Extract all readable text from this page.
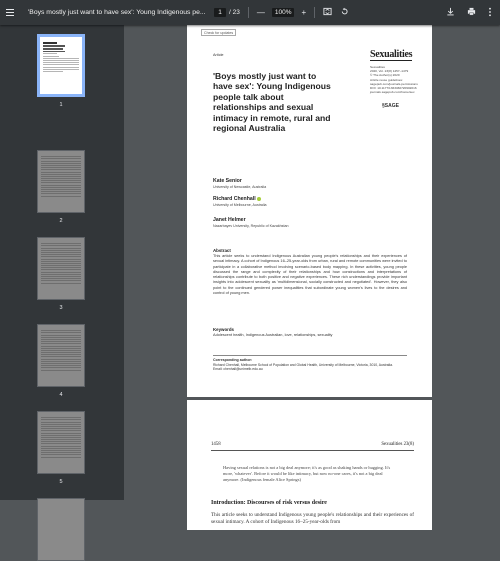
'Boys mostly just want to have sex': Young Indigenous pe...	1	/ 23 —	100%	+
1
2
3
4
5
Check for updates
Article	Sexualities
Sexualities
2020, Vol. 23(8) 1457–1479
© The Author(s) 2020
Article reuse guidelines:
sagepub.com/journals-permissions
DOI: 10.1177/1363460720902016
journals.sagepub.com/home/sex
§SAGE
'Boys mostly just want to have sex': Young Indigenous people talk about relationships and sexual intimacy in remote, rural and regional Australia
Kate Senior
University of Newcastle, Australia
Richard Chenhall
University of Melbourne, Australia
Janet Helmer
Nazarbayev University, Republic of Kazakhstan
Abstract
This article seeks to understand Indigenous Australian young people's relationships and their experiences of sexual intimacy. A cohort of Indigenous 16–25-year-olds from urban, rural and remote communities were invited to participate in a collaborative method involving scenario-based body mapping. In these activities, young people discussed the range and complexity of their relationships and how constructions and interpretations of relationships contribute to both positive and negative experiences. These rich understandings provide important insights into adolescent sexuality as 'multidimensional, socially constructed and negotiated'. However, they also point to the continued gendered power inequalities that subordinate young women's lives to the desires and control of young men.
Keywords
Adolescent health, Indigenous Australian, love, relationships, sexuality
Corresponding author:
Richard Chenhall, Melbourne School of Population and Global Health, University of Melbourne, Victoria, 3010, Australia.
Email: chenhall@unimelb.edu.au
1458	Sexualities 23(8)
Having sexual relations is not a big deal anymore; it's as good as shaking hands or hugging. It's more, 'whatever'. Before it would be like intimacy, but now no-one cares, it's not a big deal anymore. (Indigenous female Alice Springs)
Introduction: Discourses of risk versus desire
This article seeks to understand Indigenous young people's relationships and their experiences of sexual intimacy. A cohort of Indigenous 16–25-year-olds from
